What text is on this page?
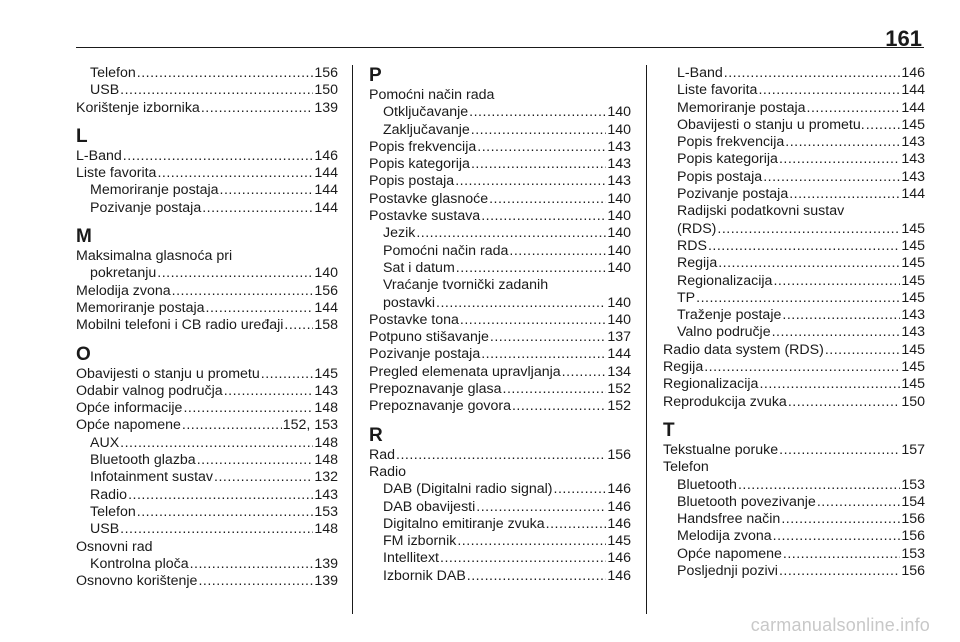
161
Telefon .....	156
USB .....	150
Korištenje izbornika .....	139
L
L-Band .....	146
Liste favorita .....	144
Memoriranje postaja .....	144
Pozivanje postaja .....	144
M
Maksimalna glasnoća pri
pokretanju .....	140
Melodija zvona .....	156
Memoriranje postaja .....	144
Mobilni telefoni i CB radio uređaji ..... 158
O
Obavijesti o stanju u prometu .....	145
Odabir valnog područja .....	143
Opće informacije .....	148
Opće napomene .....	152, 153
AUX .....	148
Bluetooth glazba .....	148
Infotainment sustav .....	132
Radio .....	143
Telefon .....	153
USB .....	148
Osnovni rad
Kontrolna ploča .....	139
Osnovno korištenje .....	139
P
Pomoćni način rada
Otključavanje .....	140
Zaključavanje .....	140
Popis frekvencija .....	143
Popis kategorija .....	143
Popis postaja .....	143
Postavke glasnoće .....	140
Postavke sustava .....	140
Jezik .....	140
Pomoćni način rada .....	140
Sat i datum .....	140
Vraćanje tvornički zadanih
postavki .....	140
Postavke tona .....	140
Potpuno stišavanje .....	137
Pozivanje postaja .....	144
Pregled elemenata upravljanja .....	134
Prepoznavanje glasa .....	152
Prepoznavanje govora .....	152
R
Rad .....	156
Radio
DAB (Digitalni radio signal) .....	146
DAB obavijesti .....	146
Digitalno emitiranje zvuka .....	146
FM izbornik .....	145
Intellitext .....	146
Izbornik DAB .....	146
L-Band .....	146
Liste favorita .....	144
Memoriranje postaja .....	144
Obavijesti o stanju u prometu. .....	145
Popis frekvencija .....	143
Popis kategorija .....	143
Popis postaja .....	143
Pozivanje postaja .....	144
Radijski podatkovni sustav
(RDS) .....	145
RDS .....	145
Regija .....	145
Regionalizacija .....	145
TP .....	145
Traženje postaje .....	143
Valno područje .....	143
Radio data system (RDS) .....	145
Regija .....	145
Regionalizacija .....	145
Reprodukcija zvuka .....	150
T
Tekstualne poruke .....	157
Telefon
Bluetooth .....	153
Bluetooth povezivanje .....	154
Handsfree način .....	156
Melodija zvona .....	156
Opće napomene .....	153
Posljednji pozivi .....	156
carmanualsonline.info
